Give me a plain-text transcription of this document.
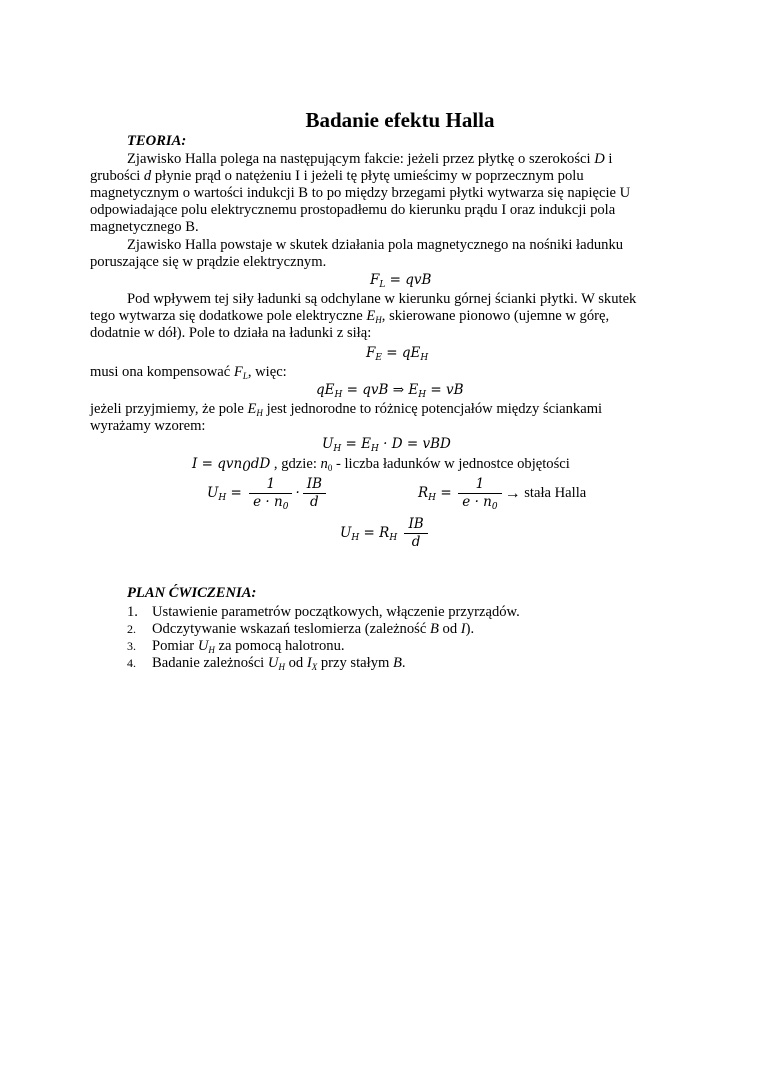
Badanie efektu Halla
TEORIA:
Zjawisko Halla polega na następującym fakcie: jeżeli przez płytkę o szerokości D i
grubości d płynie prąd o natężeniu I i jeżeli tę płytę umieścimy w poprzecznym polu
magnetycznym o wartości indukcji B to po między brzegami płytki wytwarza się napięcie U
odpowiadające polu elektrycznemu prostopadłemu do kierunku prądu I oraz indukcji pola
magnetycznego B.
Zjawisko Halla powstaje w skutek działania pola magnetycznego na nośniki ładunku
poruszające się w prądzie elektrycznym.
$F_L$ = qvB
Pod wpływem tej siły ładunki są odchylane w kierunku górnej ścianki płytki. W skutek
tego wytwarza się dodatkowe pole elektryczne $E_H$, skierowane pionowo (ujemne w górę,
dodatnie w dół). Pole to działa na ładunki z siłą:
$F_E = qE_H$
musi ona kompensować $F_L$, więc:
$qE_H$ = qvB ⇒ $E_H$ = vB
jeżeli przyjmiemy, że pole $E_H$ jest jednorodne to różnicę potencjałów między ściankami
wyrażamy wzorem:
$U_H = E_H \cdot D$ = vBD
I = qvn$_0$dD , gdzie: $n_0$ - liczba ładunków w jednostce objętości
$U_H = \frac{1}{e \cdot n_0} \cdot \frac{IB}{d}$	$R_H = \frac{1}{e \cdot n_0}$ → stała Halla
$U_H = R_H \frac{IB}{d}$
PLAN ĆWICZENIA:
1. Ustawienie parametrów początkowych, włączenie przyrządów.
2. Odczytywanie wskazań teslomierza (zależność B od I).
3. Pomiar $U_H$ za pomocą halotronu.
4. Badanie zależności $U_H$ od $I_X$ przy stałym B.
